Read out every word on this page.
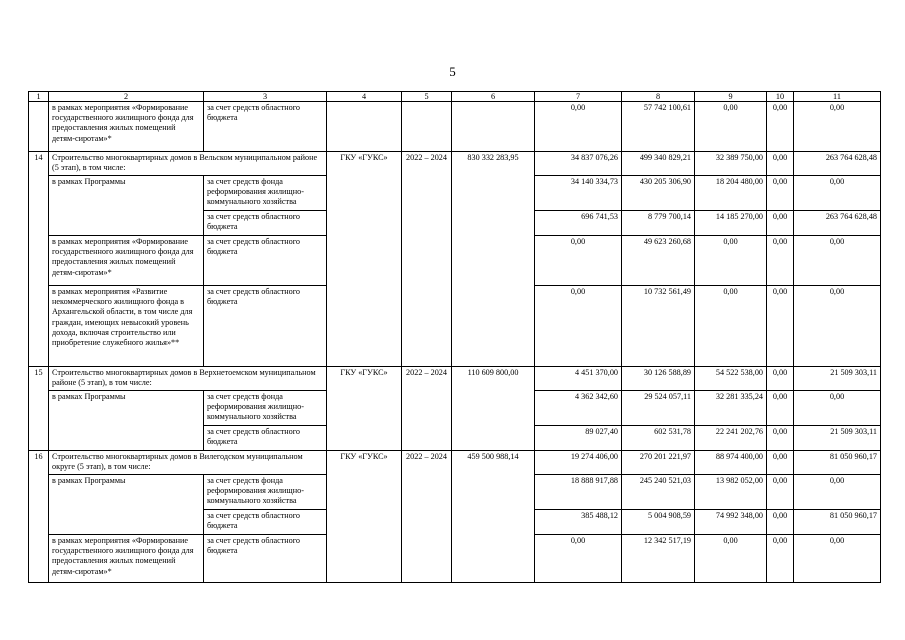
5
1	2	3	4	5	6	7	8	9	10	11
	в рамках мероприятия «Формирование государственного жилищного фонда для предоставления жилых помещений детям-сиротам»*	за счет средств областного бюджета				0,00	57 742 100,61	0,00	0,00	0,00
14	Строительство многоквартирных домов в Вельском муниципальном районе (5 этап), в том числе:		ГКУ «ГУКС»	2022 – 2024	830 332 283,95	34 837 076,26	499 340 829,21	32 389 750,00	0,00	263 764 628,48
	в рамках Программы	за счет средств фонда реформирования жилищно-коммунального хозяйства				34 140 334,73	430 205 306,90	18 204 480,00	0,00	0,00
		за счет средств областного бюджета				696 741,53	8 779 700,14	14 185 270,00	0,00	263 764 628,48
	в рамках мероприятия «Формирование государственного жилищного фонда для предоставления жилых помещений детям-сиротам»*	за счет средств областного бюджета				0,00	49 623 260,68	0,00	0,00	0,00
	в рамках мероприятия «Развитие некоммерческого жилищного фонда в Архангельской области, в том числе для граждан, имеющих невысокий уровень дохода, включая строительство или приобретение служебного жилья»**	за счет средств областного бюджета				0,00	10 732 561,49	0,00	0,00	0,00
15	Строительство многоквартирных домов в Верхнетоемском муниципальном районе (5 этап), в том числе:		ГКУ «ГУКС»	2022 – 2024	110 609 800,00	4 451 370,00	30 126 588,89	54 522 538,00	0,00	21 509 303,11
	в рамках Программы	за счет средств фонда реформирования жилищно-коммунального хозяйства				4 362 342,60	29 524 057,11	32 281 335,24	0,00	0,00
		за счет средств областного бюджета				89 027,40	602 531,78	22 241 202,76	0,00	21 509 303,11
16	Строительство многоквартирных домов в Вилегодском муниципальном округе (5 этап), в том числе:		ГКУ «ГУКС»	2022 – 2024	459 500 988,14	19 274 406,00	270 201 221,97	88 974 400,00	0,00	81 050 960,17
	в рамках Программы	за счет средств фонда реформирования жилищно-коммунального хозяйства				18 888 917,88	245 240 521,03	13 982 052,00	0,00	0,00
		за счет средств областного бюджета				385 488,12	5 004 908,59	74 992 348,00	0,00	81 050 960,17
	в рамках мероприятия «Формирование государственного жилищного фонда для предоставления жилых помещений детям-сиротам»*	за счет средств областного бюджета				0,00	12 342 517,19	0,00	0,00	0,00
